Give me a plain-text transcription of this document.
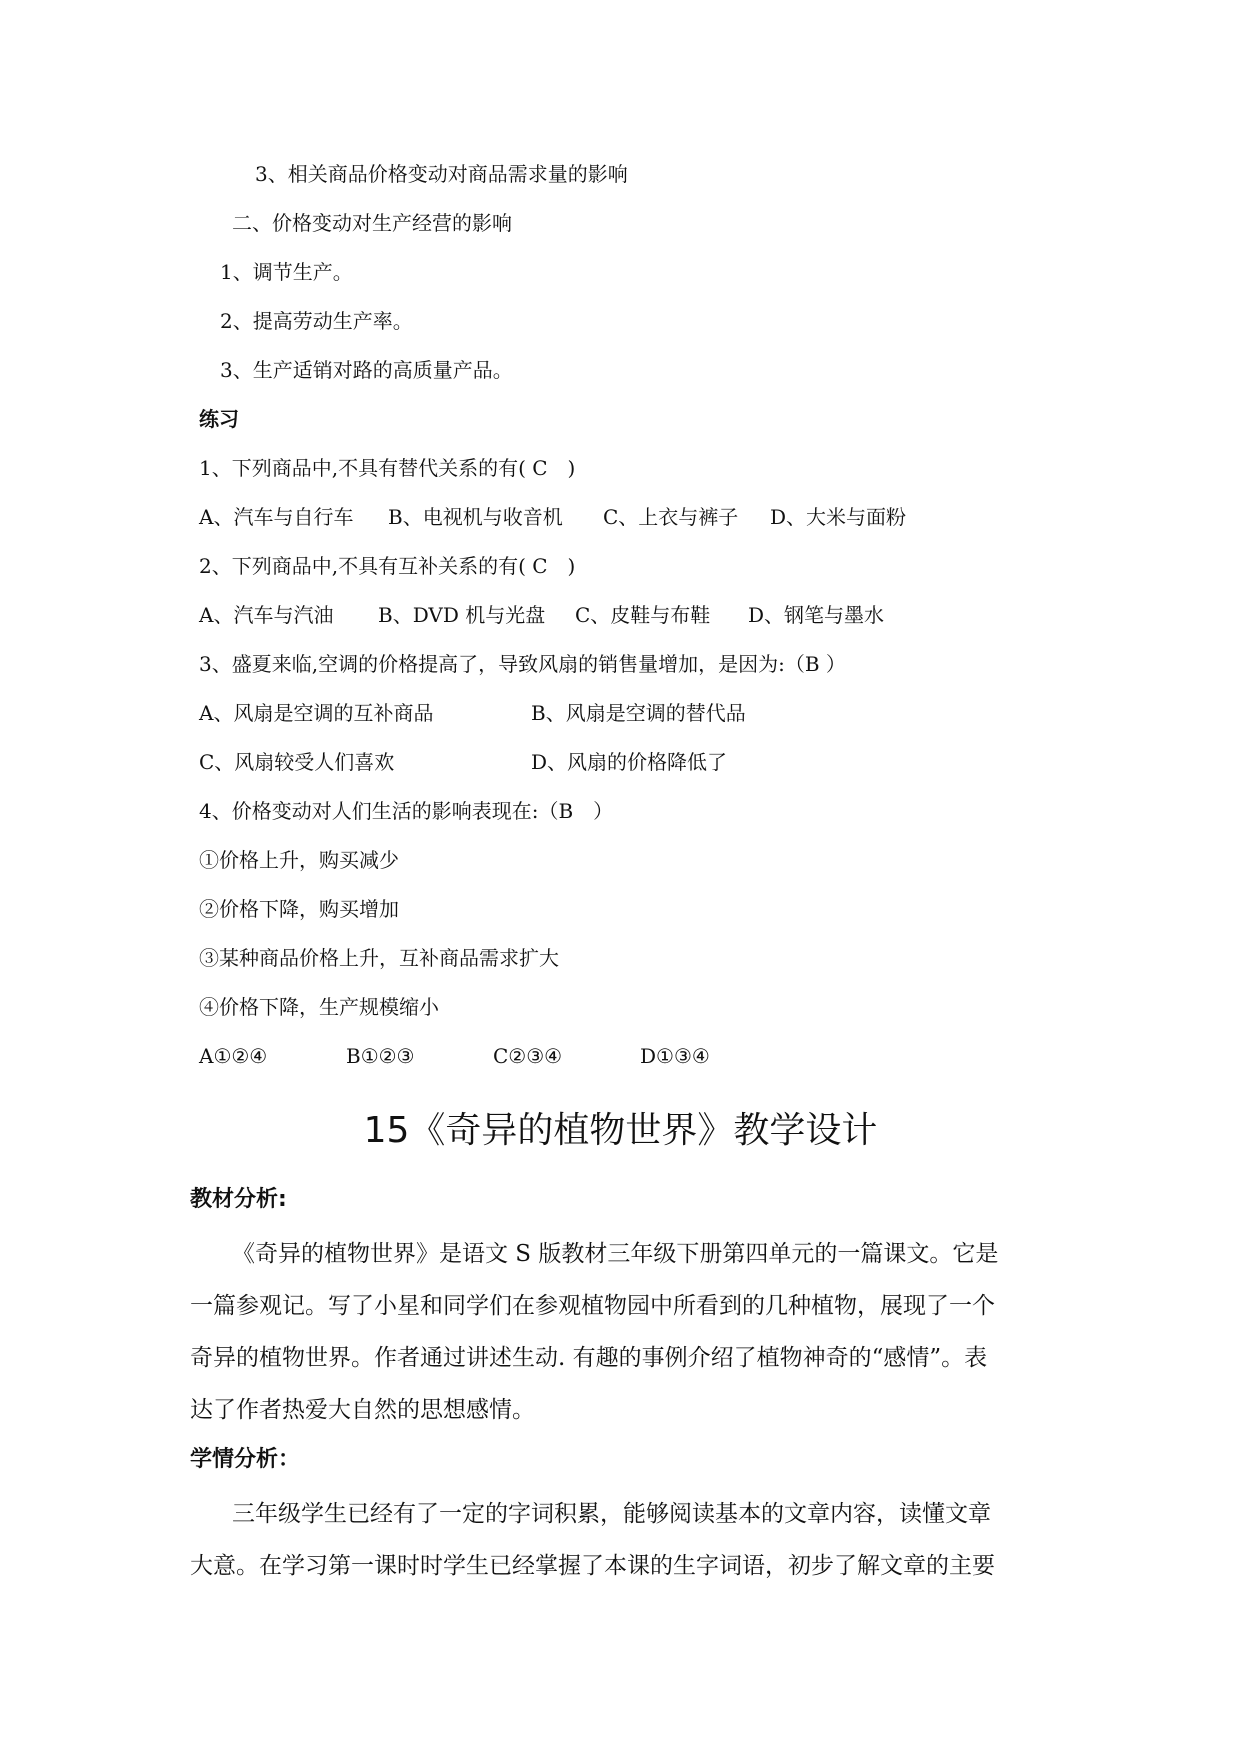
3、相关商品价格变动对商品需求量的影响
二、价格变动对生产经营的影响
1、调节生产。
2、提高劳动生产率。
3、生产适销对路的高质量产品。
练习
1、下列商品中,不具有替代关系的有( C　)
A、汽车与自行车 B、电视机与收音机 C、上衣与裤子 D、大米与面粉
2、下列商品中,不具有互补关系的有( C　)
A、汽车与汽油 B、DVD 机与光盘 C、皮鞋与布鞋 D、钢笔与墨水
3、盛夏来临,空调的价格提高了，导致风扇的销售量增加，是因为:（B ）
A、风扇是空调的互补商品	B、风扇是空调的替代品
C、风扇较受人们喜欢	D、风扇的价格降低了
4、价格变动对人们生活的影响表现在:（B　）
①价格上升，购买减少
②价格下降，购买增加
③某种商品价格上升，互补商品需求扩大
④价格下降，生产规模缩小
A①②④	B①②③	C②③④	D①③④
15《奇异的植物世界》教学设计
教材分析:
《奇异的植物世界》是语文 S 版教材三年级下册第四单元的一篇课文。它是
一篇参观记。写了小星和同学们在参观植物园中所看到的几种植物，展现了一个
奇异的植物世界。作者通过讲述生动. 有趣的事例介绍了植物神奇的“感情”。表
达了作者热爱大自然的思想感情。
学情分析：
三年级学生已经有了一定的字词积累，能够阅读基本的文章内容，读懂文章
大意。在学习第一课时时学生已经掌握了本课的生字词语，初步了解文章的主要
